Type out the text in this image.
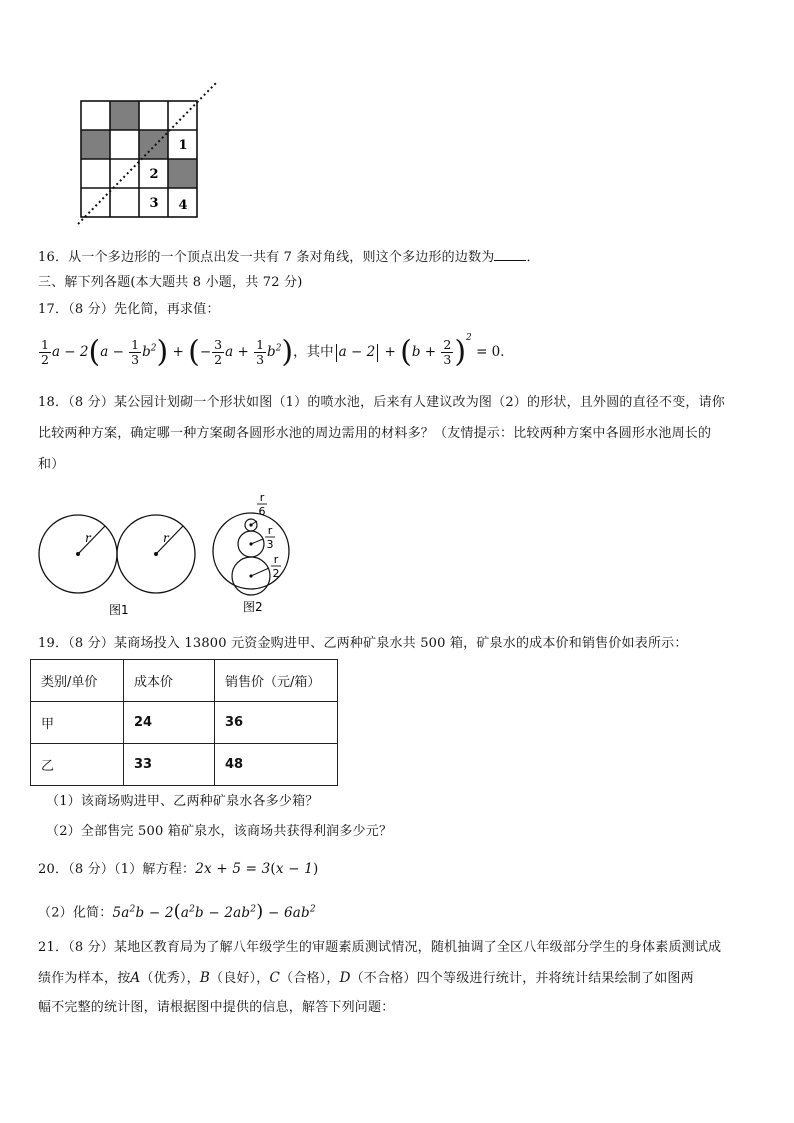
1
2
3 4
16．从一个多边形的一个顶点出发一共有 7 条对角线，则这个多边形的边数为 ．
三、解下列各题(本大题共 8 小题，共 72 分)
17．（8 分）先化简，再求值：
$\frac{1}{2}$ $a - 2(a - \frac{1}{3} b^2)$ + (− $\frac{3}{2}$ $a + \frac{1}{3} b^2$)，其中 $a - 2 + (b + \frac{2}{3} )^2 = 0$．
18．（8 分）某公园计划砌一个形状如图（1）的喷水池，后来有人建议改为图（2）的形状，且外圆的直径不变，请你
比较两种方案，确定哪一种方案砌各圆形水池的周边需用的材料多？（友情提示：比较两种方案中各圆形水池周长的
和）
r	r
图1
r
6
r
3
r
2
图2
19．（8 分）某商场投入 13800 元资金购进甲、乙两种矿泉水共 500 箱，矿泉水的成本价和销售价如表所示：
类别/单价	成本价	销售价（元/箱）
甲	24	36
乙	33	48
（1）该商场购进甲、乙两种矿泉水各多少箱？
（2）全部售完 500 箱矿泉水，该商场共获得利润多少元？
20．（8 分）（1）解方程：2x + 5 = 3(x − 1)
（2）化简：$5a^2b - 2(a^2b - 2ab^2) - 6ab^2$
21．（8 分）某地区教育局为了解八年级学生的审题素质测试情况，随机抽调了全区八年级部分学生的身体素质测试成
绩作为样本，按A（优秀），B（良好），C（合格），D（不合格）四个等级进行统计，并将统计结果绘制了如图两
幅不完整的统计图，请根据图中提供的信息，解答下列问题：
